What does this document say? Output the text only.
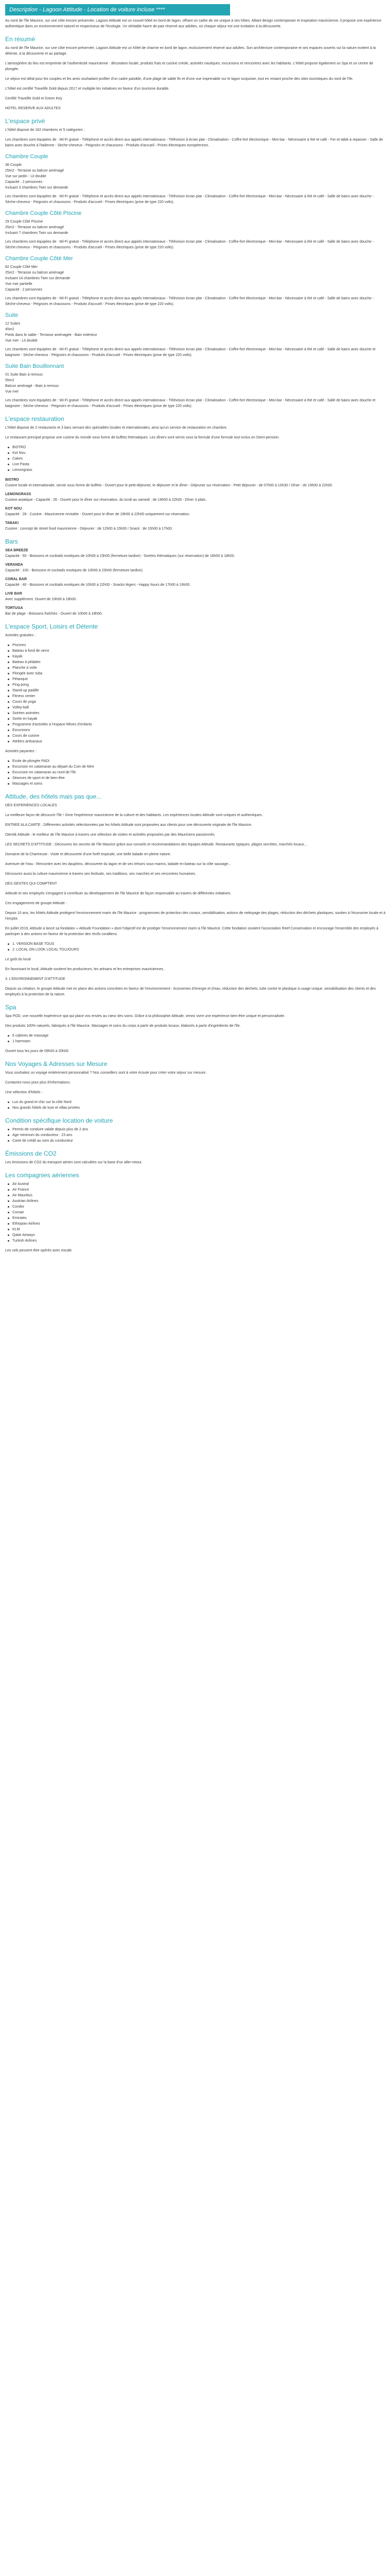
Description - Lagoon Attitude - Location de voiture incluse ****

Au nord de l'île Maurice, sur une côte encore préservée, Lagoon Attitude est un nouvel hôtel en bord de lagon, offrant un cadre de vie unique à ses hôtes. Alliant design contemporain et inspiration mauricienne, il propose une expérience authentique dans un environnement naturel et respectueux de l'écologie. Un véritable havre de paix réservé aux adultes, où chaque séjour est une invitation à la découverte.

En résumé

Au nord de l'île Maurice, sur une côte encore préservée, Lagoon Attitude est un hôtel de charme en bord de lagon, exclusivement réservé aux adultes. Son architecture contemporaine et ses espaces ouverts sur la nature invitent à la détente, à la découverte et au partage.

L'atmosphère du lieu est empreinte de l'authenticité mauricienne : décoration locale, produits frais et cuisine créole, activités nautiques, excursions et rencontres avec les habitants. L'hôtel propose également un Spa et un centre de plongée.

Le séjour est idéal pour les couples et les amis souhaitant profiter d'un cadre paisible, d'une plage de sable fin et d'une vue imprenable sur le lagon turquoise, tout en restant proche des sites touristiques du nord de l'île.

L'hôtel est certifié Travelife Gold depuis 2017 et multiplie les initiatives en faveur d'un tourisme durable.

Certifié Travelife Gold et Green Key

HOTEL RESERVE AUX ADULTES

L'espace privé

L'hôtel dispose de 162 chambres et 5 catégories :

Les chambres sont équipées de : Wi-Fi gratuit - Téléphone et accès direct aux appels internationaux - Télévision à écran plat - Climatisation - Coffre-fort électronique - Mini-bar - Nécessaire à thé et café - Fer et table à repasser - Salle de bains avec douche à l'italienne - Sèche-cheveux - Peignoirs et chaussons - Produits d'accueil - Prises électriques européennes.

Chambre Couple
38 Couple
25m2 - Terrasse ou balcon aménagé
Vue sur jardin - Lit double
Capacité : 2 personnes
Incluant 3 chambres Twin sur demande

Les chambres sont équipées de : Wi-Fi gratuit - Téléphone et accès direct aux appels internationaux - Télévision écran plat - Climatisation - Coffre-fort électronique - Mini-bar - Nécessaire à thé et café - Salle de bains avec douche - Sèche-cheveux - Peignoirs et chaussons - Produits d'accueil - Prises électriques (prise de type 220 volts).

Chambre Couple Côté Piscine
29 Couple Côté Piscine
25m2 - Terrasse ou balcon aménagé
Incluant 7 chambres Twin sur demande

Les chambres sont équipées de : Wi-Fi gratuit - Téléphone et accès direct aux appels internationaux - Télévision écran plat - Climatisation - Coffre-fort électronique - Mini-bar - Nécessaire à thé et café - Salle de bains avec douche - Sèche-cheveux - Peignoirs et chaussons - Produits d'accueil - Prises électriques (prise de type 220 volts).

Chambre Couple Côté Mer
82 Couple Côté Mer
25m2 - Terrasse ou balcon aménagé
Incluant 14 chambres Twin sur demande
Vue mer partielle
Capacité : 2 personnes

Les chambres sont équipées de : Wi-Fi gratuit - Téléphone et accès direct aux appels internationaux - Télévision écran plat - Climatisation - Coffre-fort électronique - Mini-bar - Nécessaire à thé et café - Salle de bains avec douche - Sèche-cheveux - Peignoirs et chaussons - Produits d'accueil - Prises électriques (prise de type 220 volts).

Suite
12 Suites
45m2
Pieds dans le sable - Terrasse aménagée - Bain extérieur
Vue mer - Lit double

Les chambres sont équipées de : Wi-Fi gratuit - Téléphone et accès direct aux appels internationaux - Télévision écran plat - Climatisation - Coffre-fort électronique - Mini-bar - Nécessaire à thé et café - Salle de bains avec douche et baignoire - Sèche-cheveux - Peignoirs et chaussons - Produits d'accueil - Prises électriques (prise de type 220 volts).

Suite Bain Bouillonnant
01 Suite Bain à remous
55m2
Balcon aménagé - Bain à remous
Vue mer

Les chambres sont équipées de : Wi-Fi gratuit - Téléphone et accès direct aux appels internationaux - Télévision écran plat - Climatisation - Coffre-fort électronique - Mini-bar - Nécessaire à thé et café - Salle de bains avec douche et baignoire - Sèche-cheveux - Peignoirs et chaussons - Produits d'accueil - Prises électriques (prise de type 220 volts).

L'espace restauration

L'hôtel dispose de 2 restaurants et 3 bars servant des spécialités locales et internationales, ainsi qu'un service de restauration en chambre.

Le restaurant principal propose une cuisine du monde sous forme de buffets thématiques. Les dîners sont servis sous la formule d'une formule tout inclus en Demi-pension.

BISTRO
Kot Nou
Cakes
Live Pasta
Lemongrass
BISTRO
Cuisine locale et internationale, servie sous forme de buffets - Ouvert pour le petit-déjeuner, le déjeuner et le dîner - Déjeuner sur réservation - Petit déjeuner : de 07h00 à 10h30 / Dîner : de 19h00 à 22h00.
LEMONGRASS
Cuisine asiatique - Capacité : 26 - Ouvert pour le dîner sur réservation, du lundi au samedi : de 19h00 à 22h00 - Dîner 3 plats.
KOT NOU
Capacité : 28 - Cuisine : Mauricienne revisitée - Ouvert pour le dîner de 19h00 à 22h00 uniquement sur réservation.
TABAKI
Cuisine : concept de street food mauricienne - Déjeuner : de 12h00 à 15h00 / Snack : de 15h00 à 17h00.
Bars
SEA BREEZE
Capacité : 50 - Boissons et cocktails exotiques de 10h00 à 23h00 (fermeture tardive) - Soirées thématiques (sur réservation) de 16h00 à 18h00.
VERANDA
Capacité : 100 - Boissons et cocktails exotiques de 10h00 à 23h00 (fermeture tardive).
CORAL BAR
Capacité : 40 - Boissons et cocktails exotiques de 10h00 à 22h00 - Snacks légers - Happy hours de 17h00 à 19h00.
LIVE BAR
Avec supplément. Ouvert de 10h00 à 18h00.
TORTUGA
Bar de plage - Boissons fraîches - Ouvert de 10h00 à 18h00.
L'espace Sport, Loisirs et Détente

Activités gratuites :

Piscines
Bateau à fond de verre
Kayak
Bateau à pédales
Planche à voile
Plongée avec tuba
Pétanque
Ping-pong
Stand-up paddle
Fitness center
Cours de yoga
Volley-ball
Soirées animées
Sortie en kayak
Programme d'activités à l'espace Rêves d'enfants
Excursions
Cours de cuisine
Ateliers artisanaux

Activités payantes :

Ecole de plongée PADI
Excursion en catamaran au départ du Coin de Mire
Excursion en catamaran au nord de l'île
Séances de sport et de bien-être
Massages et soins
Attitude, des hôtels mais pas que...

DES EXPERIENCES LOCALES

La meilleure façon de découvrir l'île ! Vivre l'expérience mauricienne de la culture et des habitants. Les expériences locales Attitude sont uniques et authentiques.

ENTREE ALA CARTE : Différentes activités sélectionnées par les hôtels Attitude sont proposées aux clients pour une découverte originale de l'île Maurice.

Otentik Attitude : le meilleur de l'île Maurice à travers une sélection de visites et activités proposées par des Mauriciens passionnés.

LES SECRETS D'ATTITUDE : Découvrez les secrets de l'île Maurice grâce aux conseils et recommandations des équipes Attitude. Restaurants typiques, plages secrètes, marchés locaux...

Domaine de la Chartreuse : Visite et découverte d'une forêt tropicale, une belle balade en pleine nature.

Aventure de l'eau : Rencontre avec les dauphins, découverte du lagon et de ses trésors sous-marins, balade en bateau sur la côte sauvage...

Découvrez aussi la culture mauricienne à travers ses festivals, ses traditions, ses marchés et ses rencontres humaines.

DES GESTES QUI COMPTENT

Attitude et ses employés s'engagent à contribuer au développement de l'île Maurice de façon responsable au travers de différentes initiatives.

Ces engagements de groupe Attitude :

Depuis 10 ans, les hôtels Attitude protègent l'environnement marin de l'île Maurice : programmes de protection des coraux, sensibilisation, actions de nettoyage des plages, réduction des déchets plastiques, soutien à l'économie locale et à l'emploi.

En juillet 2019, Attitude a lancé sa fondation « Attitude Foundation » dont l'objectif est de protéger l'environnement marin à l'île Maurice. Cette fondation soutient l'association Reef Conservation et encourage l'ensemble des employés à participer à des actions en faveur de la protection des récifs coralliens.

1. VERSION BASE TOUS
2. LOCAL ON LOOK LOCAL TOUJOURS

Le goût du local

En favorisant le local, Attitude soutient les producteurs, les artisans et les entreprises mauriciennes.

3. L'ENVIRONNEMENT D'ATTITUDE

Depuis sa création, le groupe Attitude met en place des actions concrètes en faveur de l'environnement : économies d'énergie et d'eau, réduction des déchets, lutte contre le plastique à usage unique, sensibilisation des clients et des employés à la protection de la nature.

Spa

Spa POD, une nouvelle expérience spa qui place vos envies au cœur des soins. Grâce à la philosophie Attitude, venez vivre une expérience bien-être unique et personnalisée.

Des produits 100% naturels, fabriqués à l'île Maurice. Massages et soins du corps à partir de produits locaux, élaborés à partir d'ingrédients de l'île.

6 cabines de massage
1 hammam

Ouvert tous les jours de 09h00 à 20h00

Nos Voyages & Adresses sur Mesure

Vous souhaitez un voyage entièrement personnalisé ? Nos conseillers sont à votre écoute pour créer votre séjour sur mesure.

Contactez-nous pour plus d'informations.

Une sélection d'hôtels :

Lux du grand et chic sur la côte Nord
Nos grands hôtels de luxe et villas privées
Condition spécifique location de voiture
Permis de conduire valide depuis plus de 2 ans
Age minimum du conducteur : 23 ans
Carte de crédit au nom du conducteur
Émissions de CO2

Les émissions de CO2 du transport aérien sont calculées sur la base d'un aller-retour.

Les compagnies aériennes
Air Austral
Air France
Air Mauritius
Austrian Airlines
Condor
Corsair
Emirates
Ethiopian Airlines
KLM
Qatar Airways
Turkish Airlines

Les vols peuvent être opérés avec escale.
